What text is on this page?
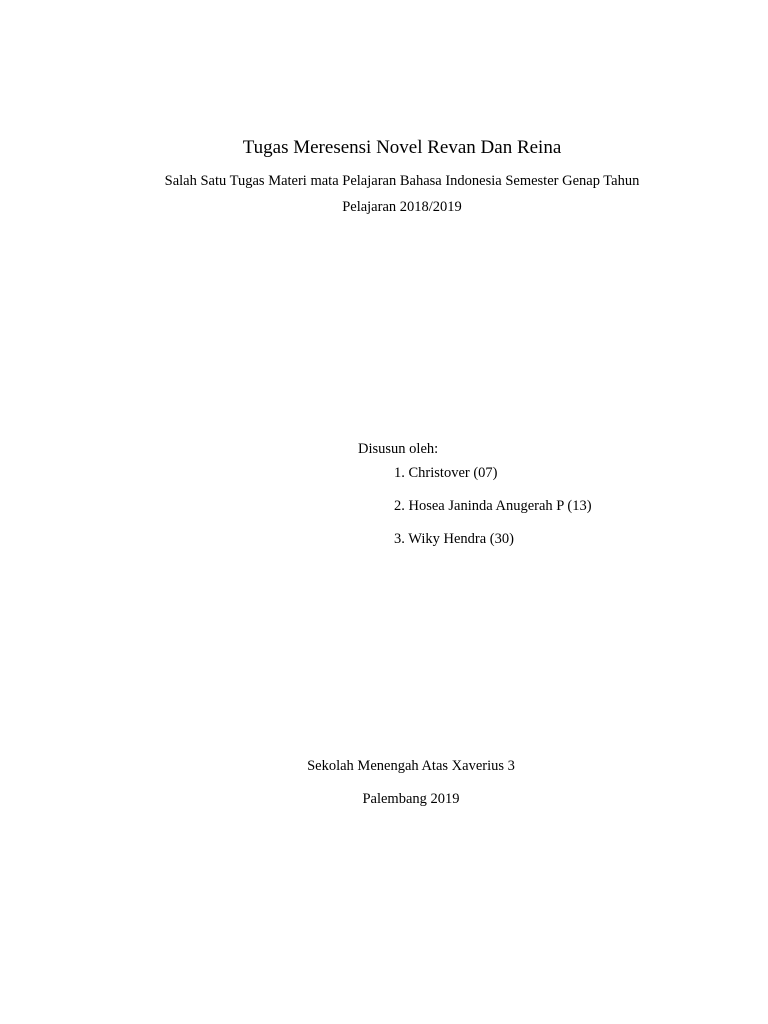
Tugas Meresensi Novel Revan Dan Reina
Salah Satu Tugas Materi mata Pelajaran Bahasa Indonesia Semester Genap Tahun
Pelajaran 2018/2019
Disusun oleh:
1. Christover (07)
2. Hosea Janinda Anugerah P (13)
3. Wiky Hendra (30)
Sekolah Menengah Atas Xaverius 3
Palembang 2019
